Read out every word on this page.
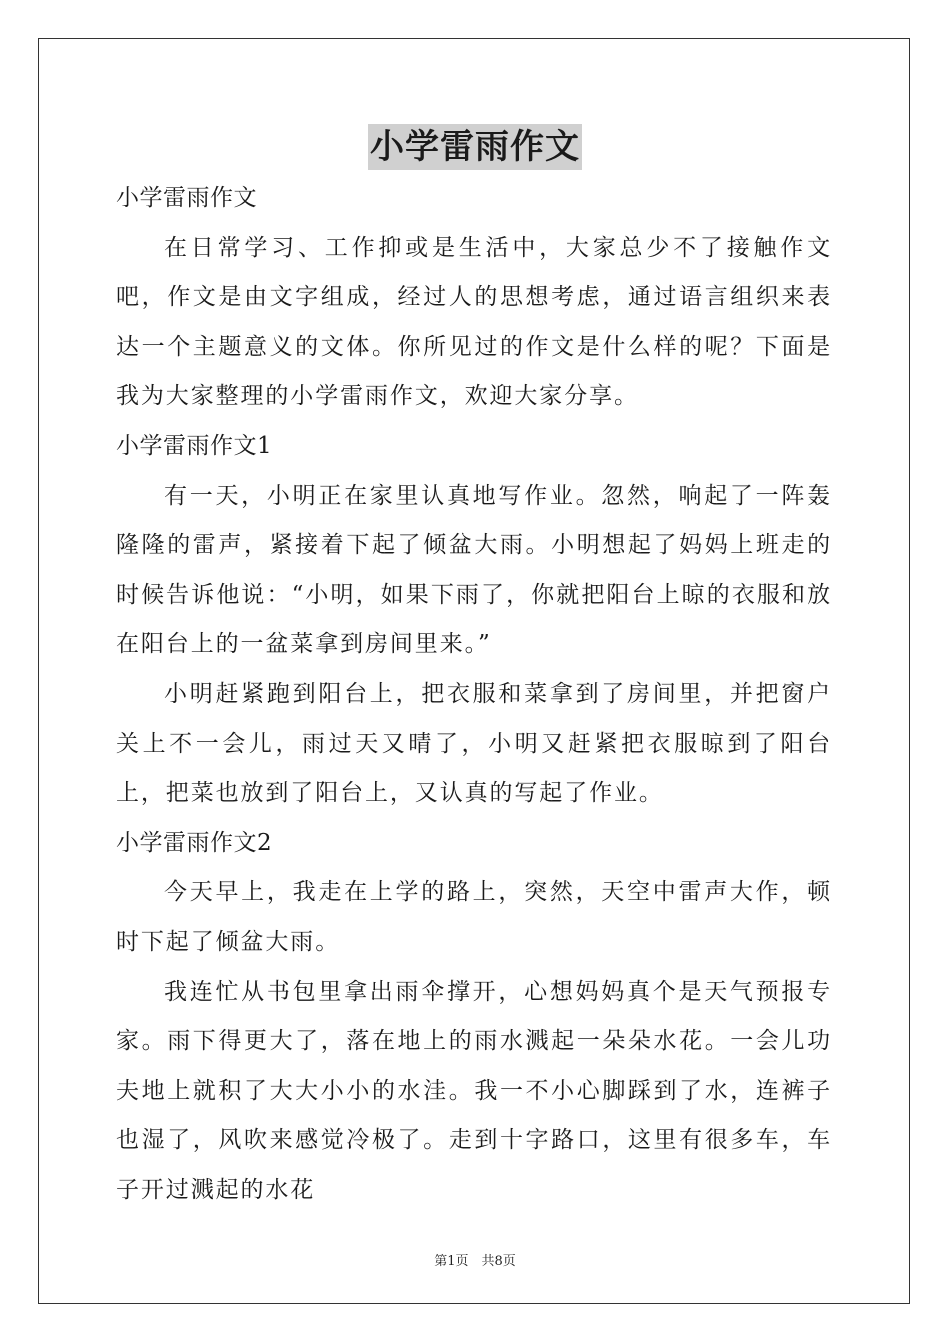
小学雷雨作文
小学雷雨作文
在日常学习、工作抑或是生活中，大家总少不了接触作文吧，作文是由文字组成，经过人的思想考虑，通过语言组织来表达一个主题意义的文体。你所见过的作文是什么样的呢？下面是我为大家整理的小学雷雨作文，欢迎大家分享。
小学雷雨作文1
有一天，小明正在家里认真地写作业。忽然，响起了一阵轰隆隆的雷声，紧接着下起了倾盆大雨。小明想起了妈妈上班走的时候告诉他说：“小明，如果下雨了，你就把阳台上晾的衣服和放在阳台上的一盆菜拿到房间里来。”
小明赶紧跑到阳台上，把衣服和菜拿到了房间里，并把窗户关上不一会儿，雨过天又晴了，小明又赶紧把衣服晾到了阳台上，把菜也放到了阳台上，又认真的写起了作业。
小学雷雨作文2
今天早上，我走在上学的路上，突然，天空中雷声大作，顿时下起了倾盆大雨。
我连忙从书包里拿出雨伞撑开，心想妈妈真个是天气预报专家。雨下得更大了，落在地上的雨水溅起一朵朵水花。一会儿功夫地上就积了大大小小的水洼。我一不小心脚踩到了水，连裤子也湿了，风吹来感觉冷极了。走到十字路口，这里有很多车，车子开过溅起的水花
第1页　共8页
